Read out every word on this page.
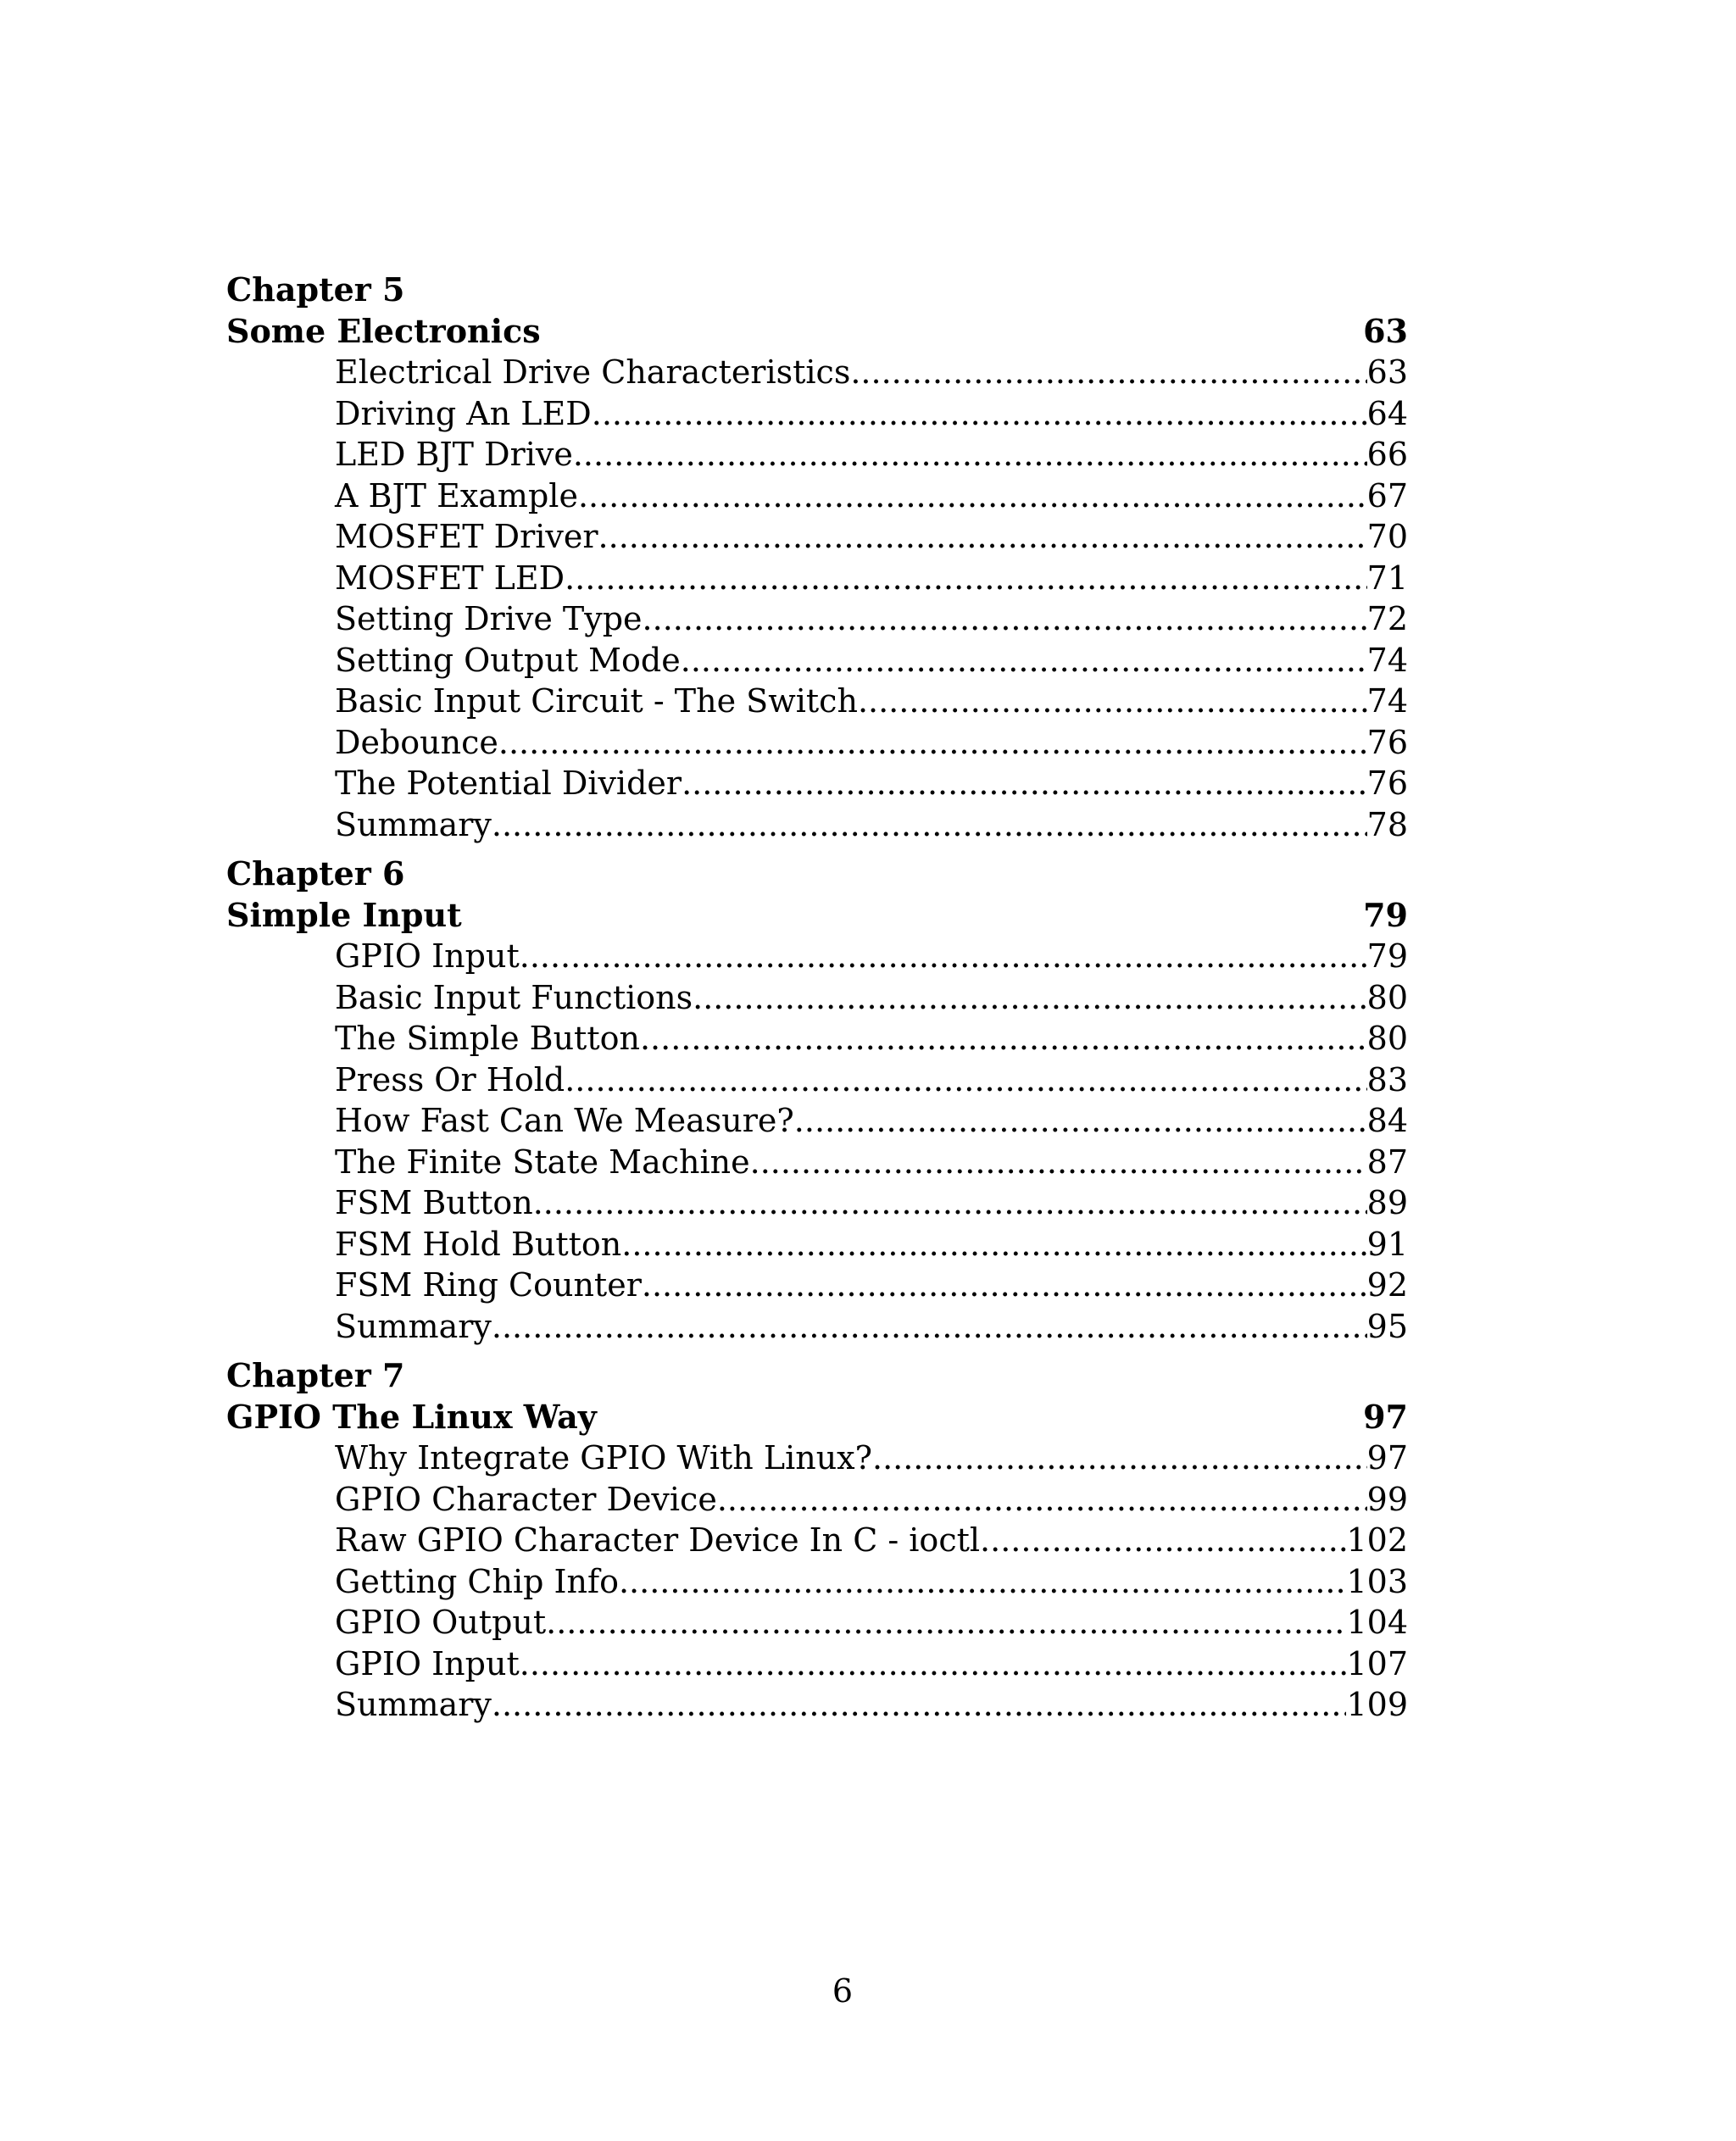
Chapter 5
Some Electronics	63
Electrical Drive Characteristics .....	63
Driving An LED .....	64
LED BJT Drive .....	66
A BJT Example .....	67
MOSFET Driver .....	70
MOSFET LED .....	71
Setting Drive Type .....	72
Setting Output Mode .....	74
Basic Input Circuit - The Switch .....	74
Debounce .....	76
The Potential Divider .....	76
Summary .....	78
Chapter 6
Simple Input	79
GPIO Input .....	79
Basic Input Functions .....	80
The Simple Button .....	80
Press Or Hold .....	83
How Fast Can We Measure? .....	84
The Finite State Machine .....	87
FSM Button .....	89
FSM Hold Button .....	91
FSM Ring Counter .....	92
Summary .....	95
Chapter 7
GPIO The Linux Way	97
Why Integrate GPIO With Linux? .....	97
GPIO Character Device .....	99
Raw GPIO Character Device In C - ioctl .....	102
Getting Chip Info .....	103
GPIO Output .....	104
GPIO Input .....	107
Summary .....	109
6
